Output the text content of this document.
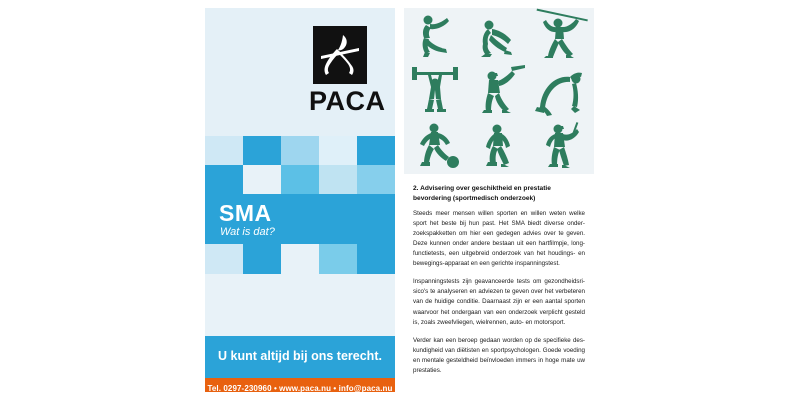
PACA
SMA
Wat is dat?
U kunt altijd bij ons terecht.
Tel. 0297-230960 • www.paca.nu • info@paca.nu

2. Advisering over geschiktheid en prestatie bevordering (sportmedisch onderzoek)

Steeds meer mensen willen sporten en willen weten welke sport het beste bij hun past. Het SMA biedt diverse onder-zoekspakketten om hier een gedegen advies over te geven. Deze kunnen onder andere bestaan uit een hartfilmpje, long-functietests, een uitgebreid onderzoek van het houdings- en bewegings-apparaat en een gerichte inspanningstest.

Inspanningstests zijn geavanceerde tests om gezondheidsri-sico's te analyseren en adviezen te geven over het verbeteren van de huidige conditie. Daarnaast zijn er een aantal sporten waarvoor het ondergaan van een onderzoek verplicht gesteld is, zoals zweefvliegen, wielrennen, auto- en motorsport.

Verder kan een beroep gedaan worden op de specifieke des-kundigheid van diëtisten en sportpsychologen. Goede voeding en mentale gesteldheid beïnvloeden immers in hoge mate uw prestaties.
